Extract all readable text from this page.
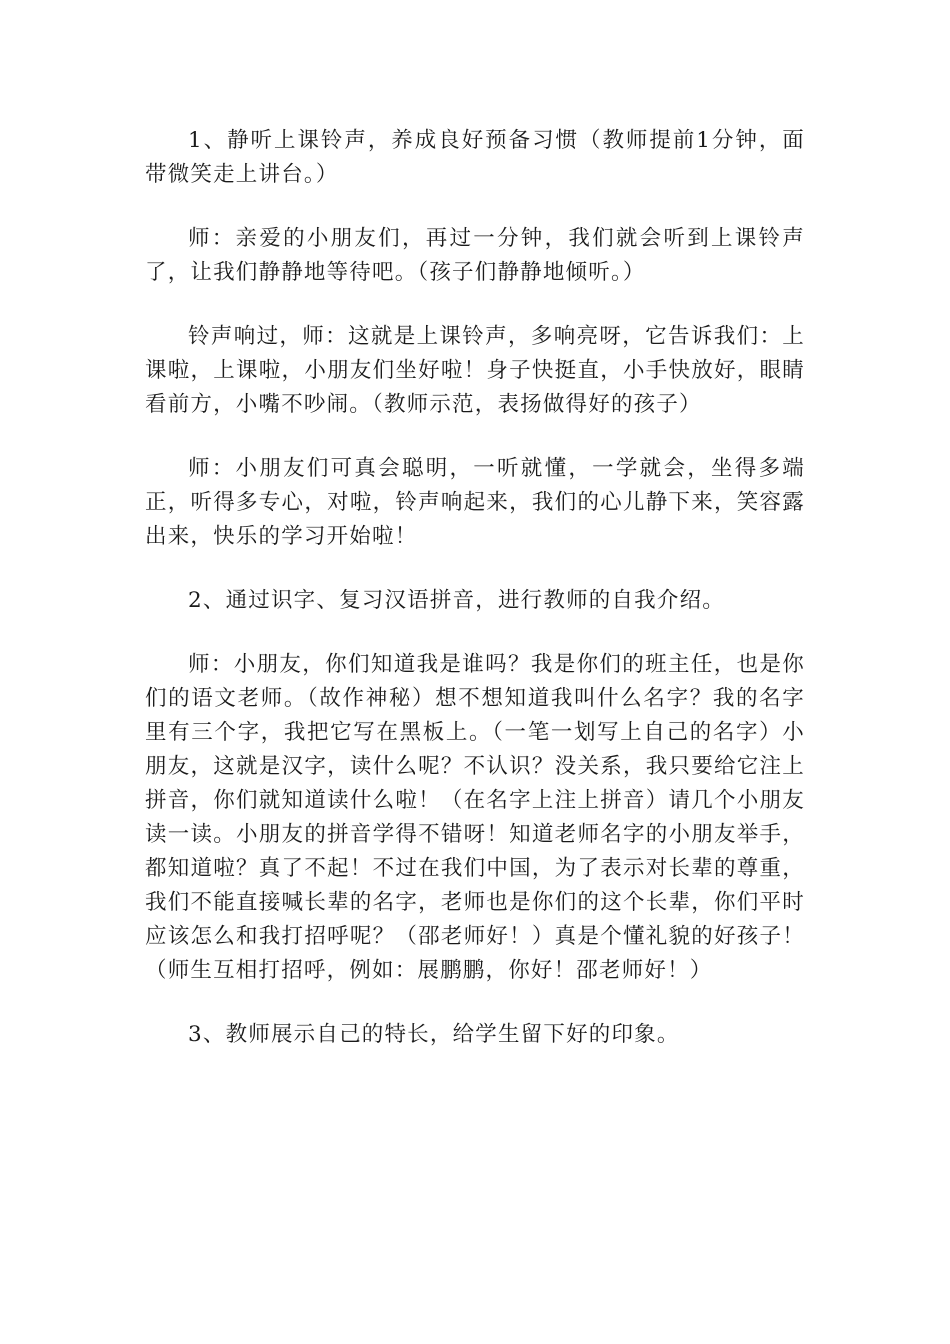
1、静听上课铃声，养成良好预备习惯（教师提前1分钟，面带微笑走上讲台。）

师：亲爱的小朋友们，再过一分钟，我们就会听到上课铃声了，让我们静静地等待吧。（孩子们静静地倾听。）

铃声响过，师：这就是上课铃声，多响亮呀，它告诉我们：上课啦，上课啦，小朋友们坐好啦！身子快挺直，小手快放好，眼睛看前方，小嘴不吵闹。（教师示范，表扬做得好的孩子）

师：小朋友们可真会聪明，一听就懂，一学就会，坐得多端正，听得多专心，对啦，铃声响起来，我们的心儿静下来，笑容露出来，快乐的学习开始啦！

2、通过识字、复习汉语拼音，进行教师的自我介绍。

师：小朋友，你们知道我是谁吗？我是你们的班主任，也是你们的语文老师。（故作神秘）想不想知道我叫什么名字？我的名字里有三个字，我把它写在黑板上。（一笔一划写上自己的名字）小朋友，这就是汉字，读什么呢？不认识？没关系，我只要给它注上拼音，你们就知道读什么啦！（在名字上注上拼音）请几个小朋友读一读。小朋友的拼音学得不错呀！知道老师名字的小朋友举手，都知道啦？真了不起！不过在我们中国，为了表示对长辈的尊重，我们不能直接喊长辈的名字，老师也是你们的这个长辈，你们平时应该怎么和我打招呼呢？（邵老师好！）真是个懂礼貌的好孩子！（师生互相打招呼，例如：展鹏鹏，你好！邵老师好！）

3、教师展示自己的特长，给学生留下好的印象。
